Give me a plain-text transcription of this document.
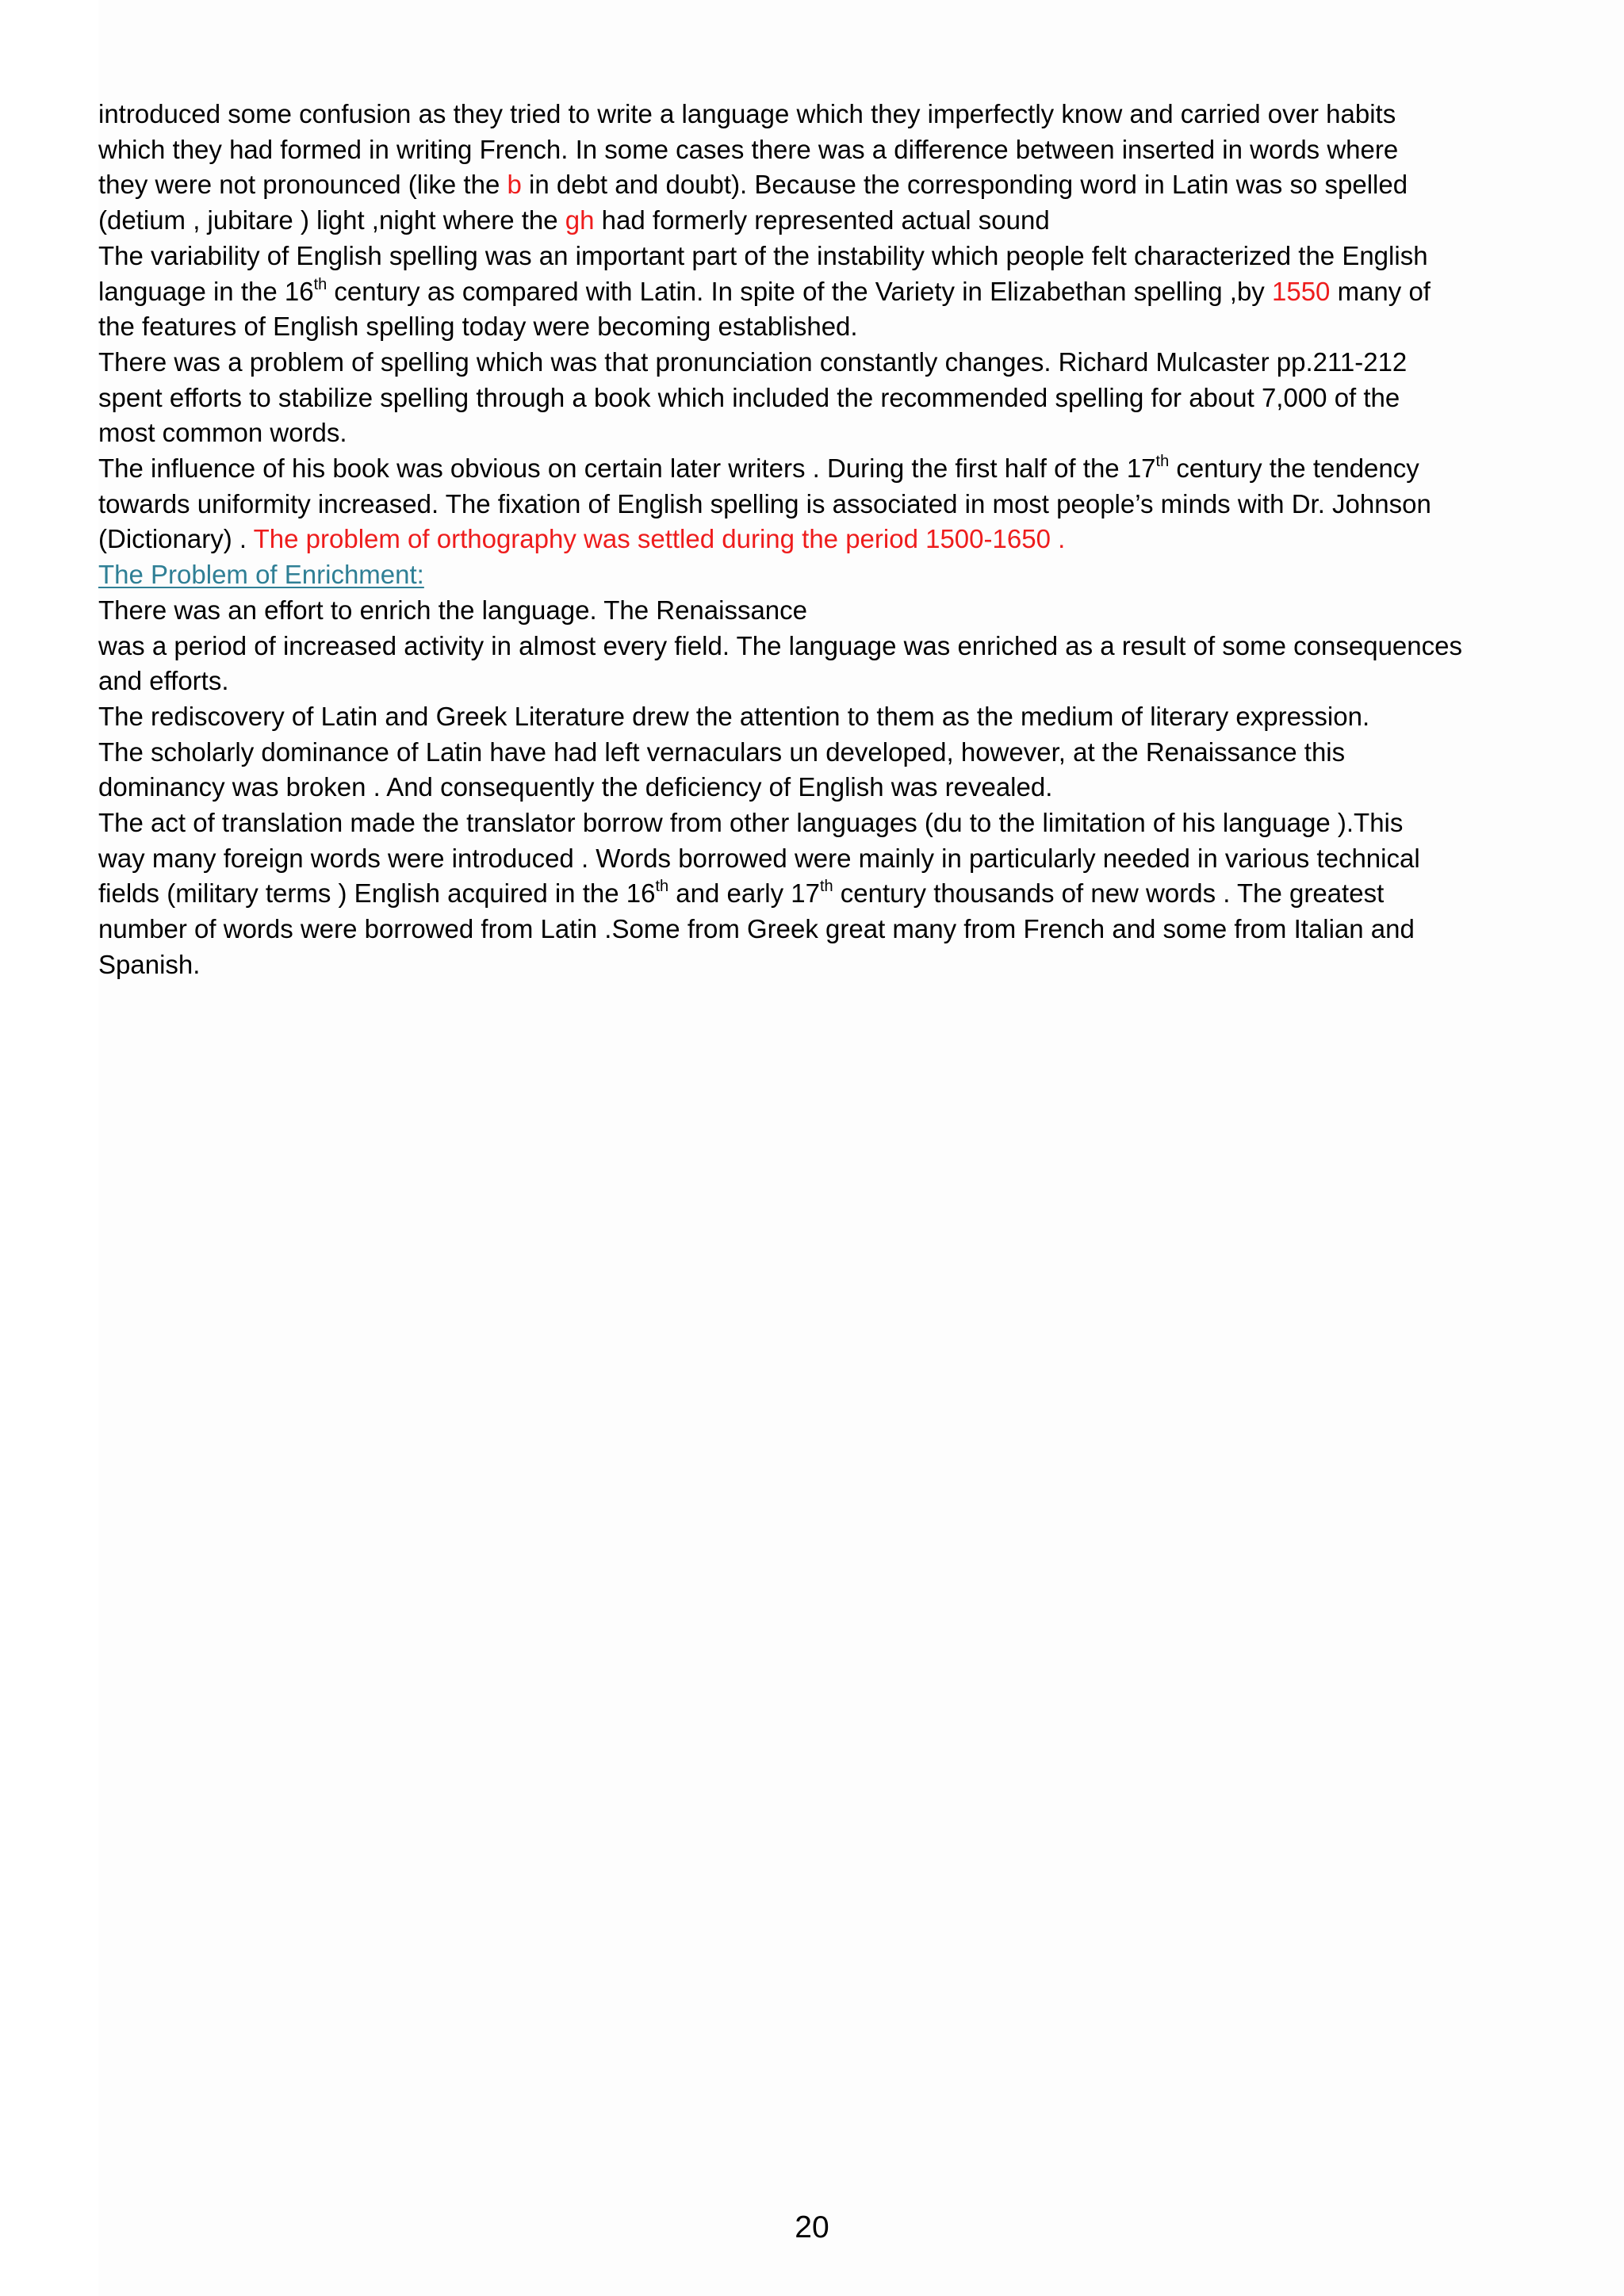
introduced some confusion as they tried to write a language which they imperfectly know and carried over habits
which they had formed in writing French. In some cases there was a difference between inserted in words where
they were not pronounced (like the b in debt and doubt). Because the corresponding word in Latin was so spelled
(detium , jubitare ) light ,night where the gh had formerly represented actual sound
The variability of English spelling was an important part of the instability which people felt characterized the English
language in the 16th century as compared with Latin. In spite of the Variety in Elizabethan spelling ,by 1550 many of
the features of English spelling today were becoming established.
There was a problem of spelling which was that pronunciation constantly changes. Richard Mulcaster pp.211-212
spent efforts to stabilize spelling through a book which included the recommended spelling for about 7,000 of the
most common words.
The influence of his book was obvious on certain later writers . During the first half of the 17th century the tendency
towards uniformity increased. The fixation of English spelling is associated in most people’s minds with Dr. Johnson
(Dictionary) . The problem of orthography was settled during the period 1500-1650 .
The Problem of Enrichment:
There was an effort to enrich the language. The Renaissance
was a period of increased activity in almost every field. The language was enriched as a result of some consequences
and efforts.
The rediscovery of Latin and Greek Literature drew the attention to them as the medium of literary expression.
The scholarly dominance of Latin have had left vernaculars un developed, however, at the Renaissance this
dominancy was broken . And consequently the deficiency of English was revealed.
The act of translation made the translator borrow from other languages (du to the limitation of his language ).This
way many foreign words were introduced . Words borrowed were mainly in particularly needed in various technical
fields (military terms ) English acquired in the 16th and early 17th century thousands of new words . The greatest
number of words were borrowed from Latin .Some from Greek great many from French and some from Italian and
Spanish.
20
